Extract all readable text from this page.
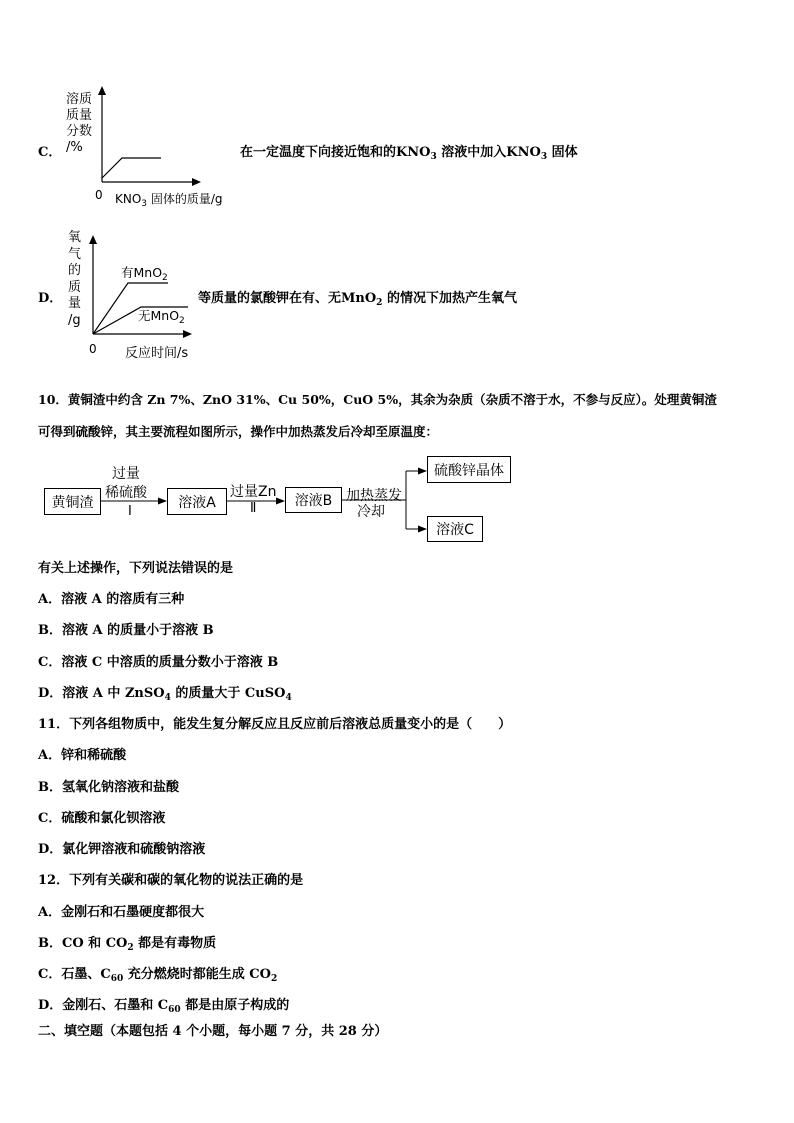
C．
溶质
质量
分数
/%
0 $KNO_3$ 固体的质量/g
在一定温度下向接近饱和的$KNO_3$ 溶液中加入$KNO_3$ 固体
D．
氧
气
的
质
量
/g
有MnO$_2$
无MnO$_2$
0 反应时间/s
等质量的氯酸钾在有、无MnO$_2$ 的情况下加热产生氧气
10．黄铜渣中约含 Zn 7%、ZnO 31%、Cu 50%，CuO 5%，其余为杂质（杂质不溶于水，不参与反应）。处理黄铜渣
可得到硫酸锌，其主要流程如图所示，操作中加热蒸发后冷却至原温度：
黄铜渣	溶液A	溶液B
硫酸锌晶体
溶液C
过量
稀硫酸
I
过量Zn
Ⅱ
加热蒸发
冷却
有关上述操作，下列说法错误的是
A．溶液 A 的溶质有三种
B．溶液 A 的质量小于溶液 B
C．溶液 C 中溶质的质量分数小于溶液 B
D．溶液 A 中 ZnSO$_4$ 的质量大于 CuSO$_4$
11．下列各组物质中，能发生复分解反应且反应前后溶液总质量变小的是（　　）
A．锌和稀硫酸
B．氢氧化钠溶液和盐酸
C．硫酸和氯化钡溶液
D．氯化钾溶液和硫酸钠溶液
12．下列有关碳和碳的氧化物的说法正确的是
A．金刚石和石墨硬度都很大
B．CO 和 $CO_2$ 都是有毒物质
C．石墨、$C_{60}$ 充分燃烧时都能生成 $CO_2$
D．金刚石、石墨和 $C_{60}$ 都是由原子构成的
二、填空题（本题包括 4 个小题，每小题 7 分，共 28 分）
